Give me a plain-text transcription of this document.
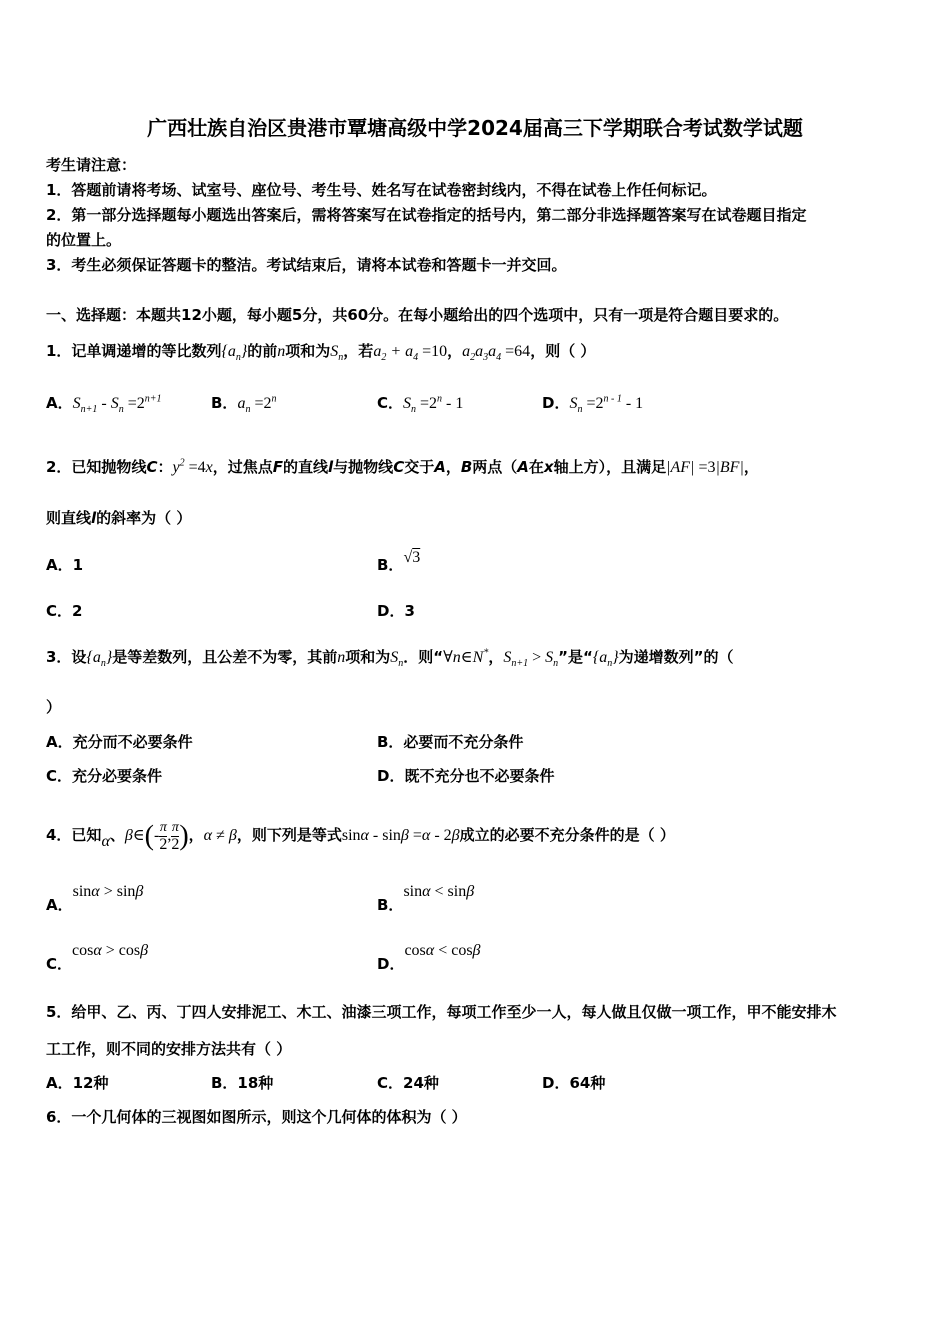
广西壮族自治区贵港市覃塘高级中学2024届高三下学期联合考试数学试题
考生请注意：
1．答题前请将考场、试室号、座位号、考生号、姓名写在试卷密封线内，不得在试卷上作任何标记。
2．第一部分选择题每小题选出答案后，需将答案写在试卷指定的括号内，第二部分非选择题答案写在试卷题目指定
的位置上。
3．考生必须保证答题卡的整洁。考试结束后，请将本试卷和答题卡一并交回。
一、选择题：本题共12小题，每小题5分，共60分。在每小题给出的四个选项中，只有一项是符合题目要求的。
1．记单调递增的等比数列$\{a_n\}$的前n项和为$S_n$，若$a_2 + a_4 =10$，$a_2a_3a_4 =64$，则（ ）
A．$S_{n+1} - S_n =2^{n+1}$	B．$a_n =2^n$	C．$S_n =2^n - 1$	D．$S_n =2^{n - 1} - 1$
2．已知抛物线C：$y^2 =4x$，过焦点F的直线l与抛物线C交于A，B两点（A在x轴上方），且满足|AF| =3|BF|，
则直线l的斜率为（ ）
A．1	B．√3
C．2	D．3
3．设$\{a_n\}$是等差数列，且公差不为零，其前n项和为$S_n$．则“∀n∈N*，$S_{n+1} > S_n$”是“$\{a_n\}$为递增数列”的（
）
A．充分而不必要条件	B．必要而不充分条件
C．充分必要条件	D．既不充分也不必要条件
4．已知α、β∈(- $\frac{\pi}{2}$ , $\frac{\pi}{2}$ )，α ≠ β，则下列是等式sinα - sinβ =α - 2β成立的必要不充分条件的是（ ）
A．sinα > sinβ
B．sinα < sinβ
C．cosα > cosβ
D．cosα < cosβ
5．给甲、乙、丙、丁四人安排泥工、木工、油漆三项工作，每项工作至少一人，每人做且仅做一项工作，甲不能安排木
工工作，则不同的安排方法共有（ ）
A．12种	B．18种	C．24种	D．64种
6．一个几何体的三视图如图所示，则这个几何体的体积为（ ）
